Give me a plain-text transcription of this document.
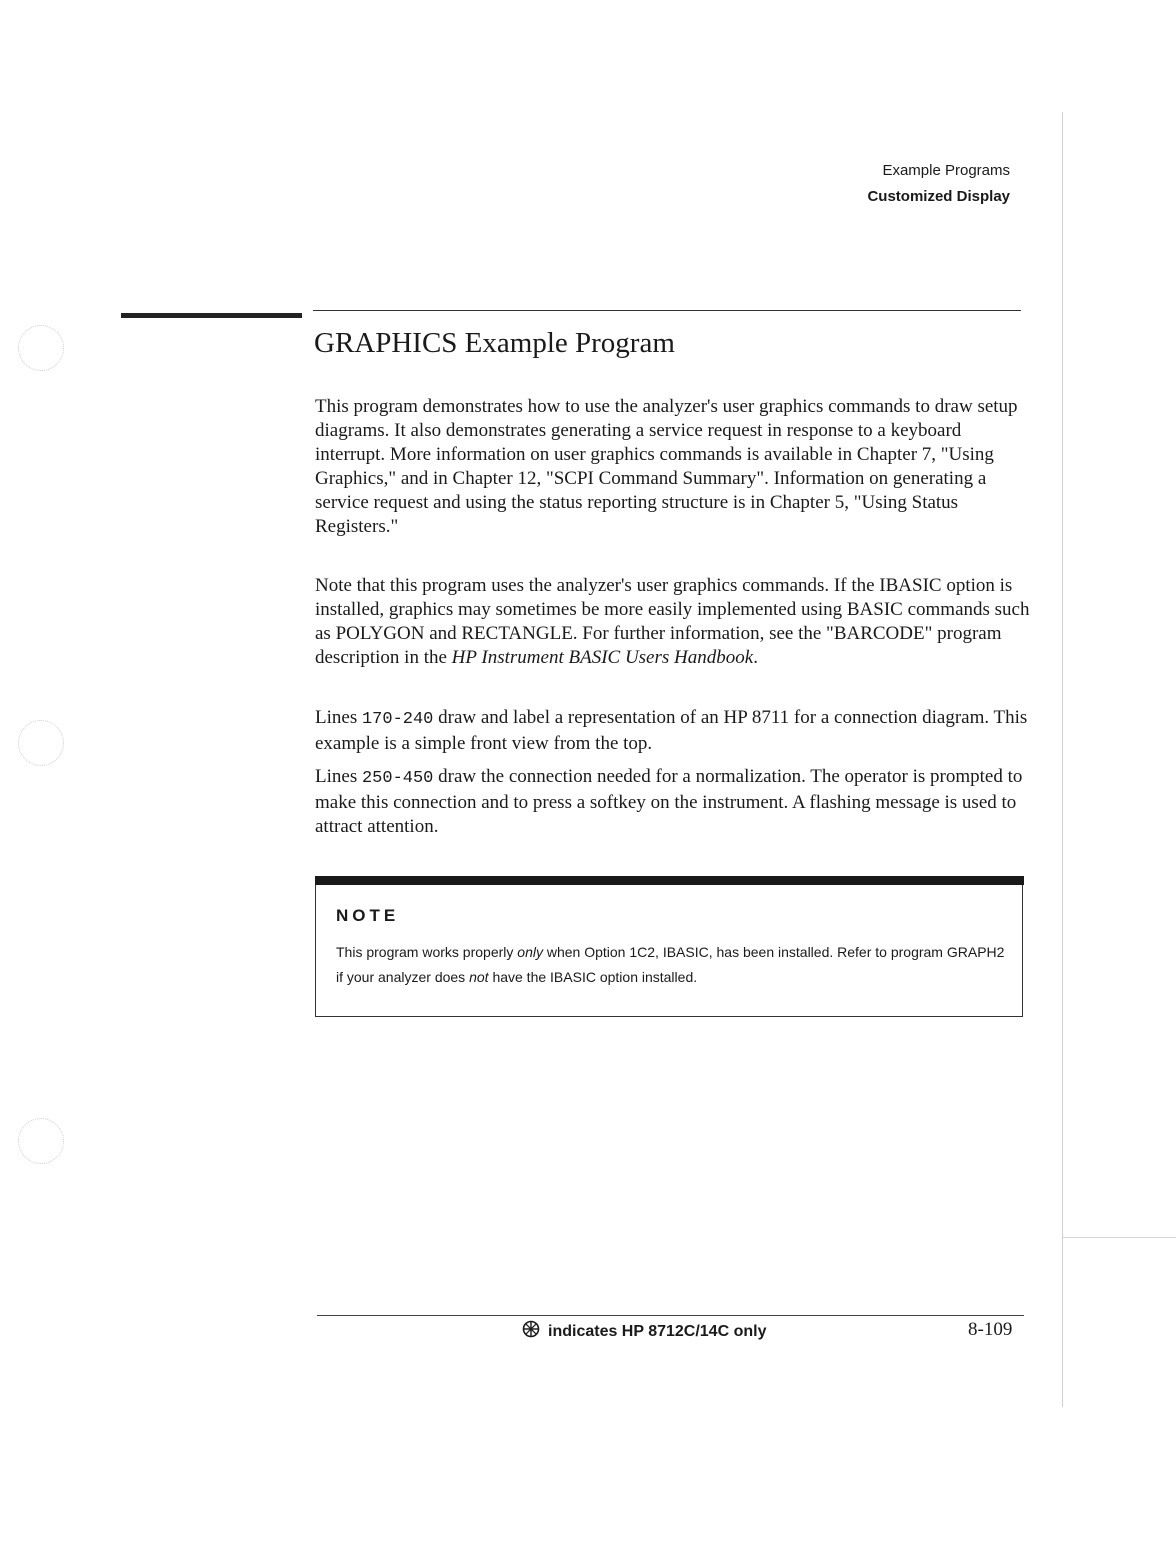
Example Programs
Customized Display
GRAPHICS Example Program

This program demonstrates how to use the analyzer's user graphics commands to draw setup diagrams. It also demonstrates generating a service request in response to a keyboard interrupt. More information on user graphics commands is available in Chapter 7, "Using Graphics," and in Chapter 12, "SCPI Command Summary". Information on generating a service request and using the status reporting structure is in Chapter 5, "Using Status Registers."

Note that this program uses the analyzer's user graphics commands. If the IBASIC option is installed, graphics may sometimes be more easily implemented using BASIC commands such as POLYGON and RECTANGLE. For further information, see the "BARCODE" program description in the HP Instrument BASIC Users Handbook.

Lines 170-240 draw and label a representation of an HP 8711 for a connection diagram. This example is a simple front view from the top.

Lines 250-450 draw the connection needed for a normalization. The operator is prompted to make this connection and to press a softkey on the instrument. A flashing message is used to attract attention.

NOTE
This program works properly only when Option 1C2, IBASIC, has been installed. Refer to program GRAPH2 if your analyzer does not have the IBASIC option installed.
indicates HP 8712C/14C only	8-109
